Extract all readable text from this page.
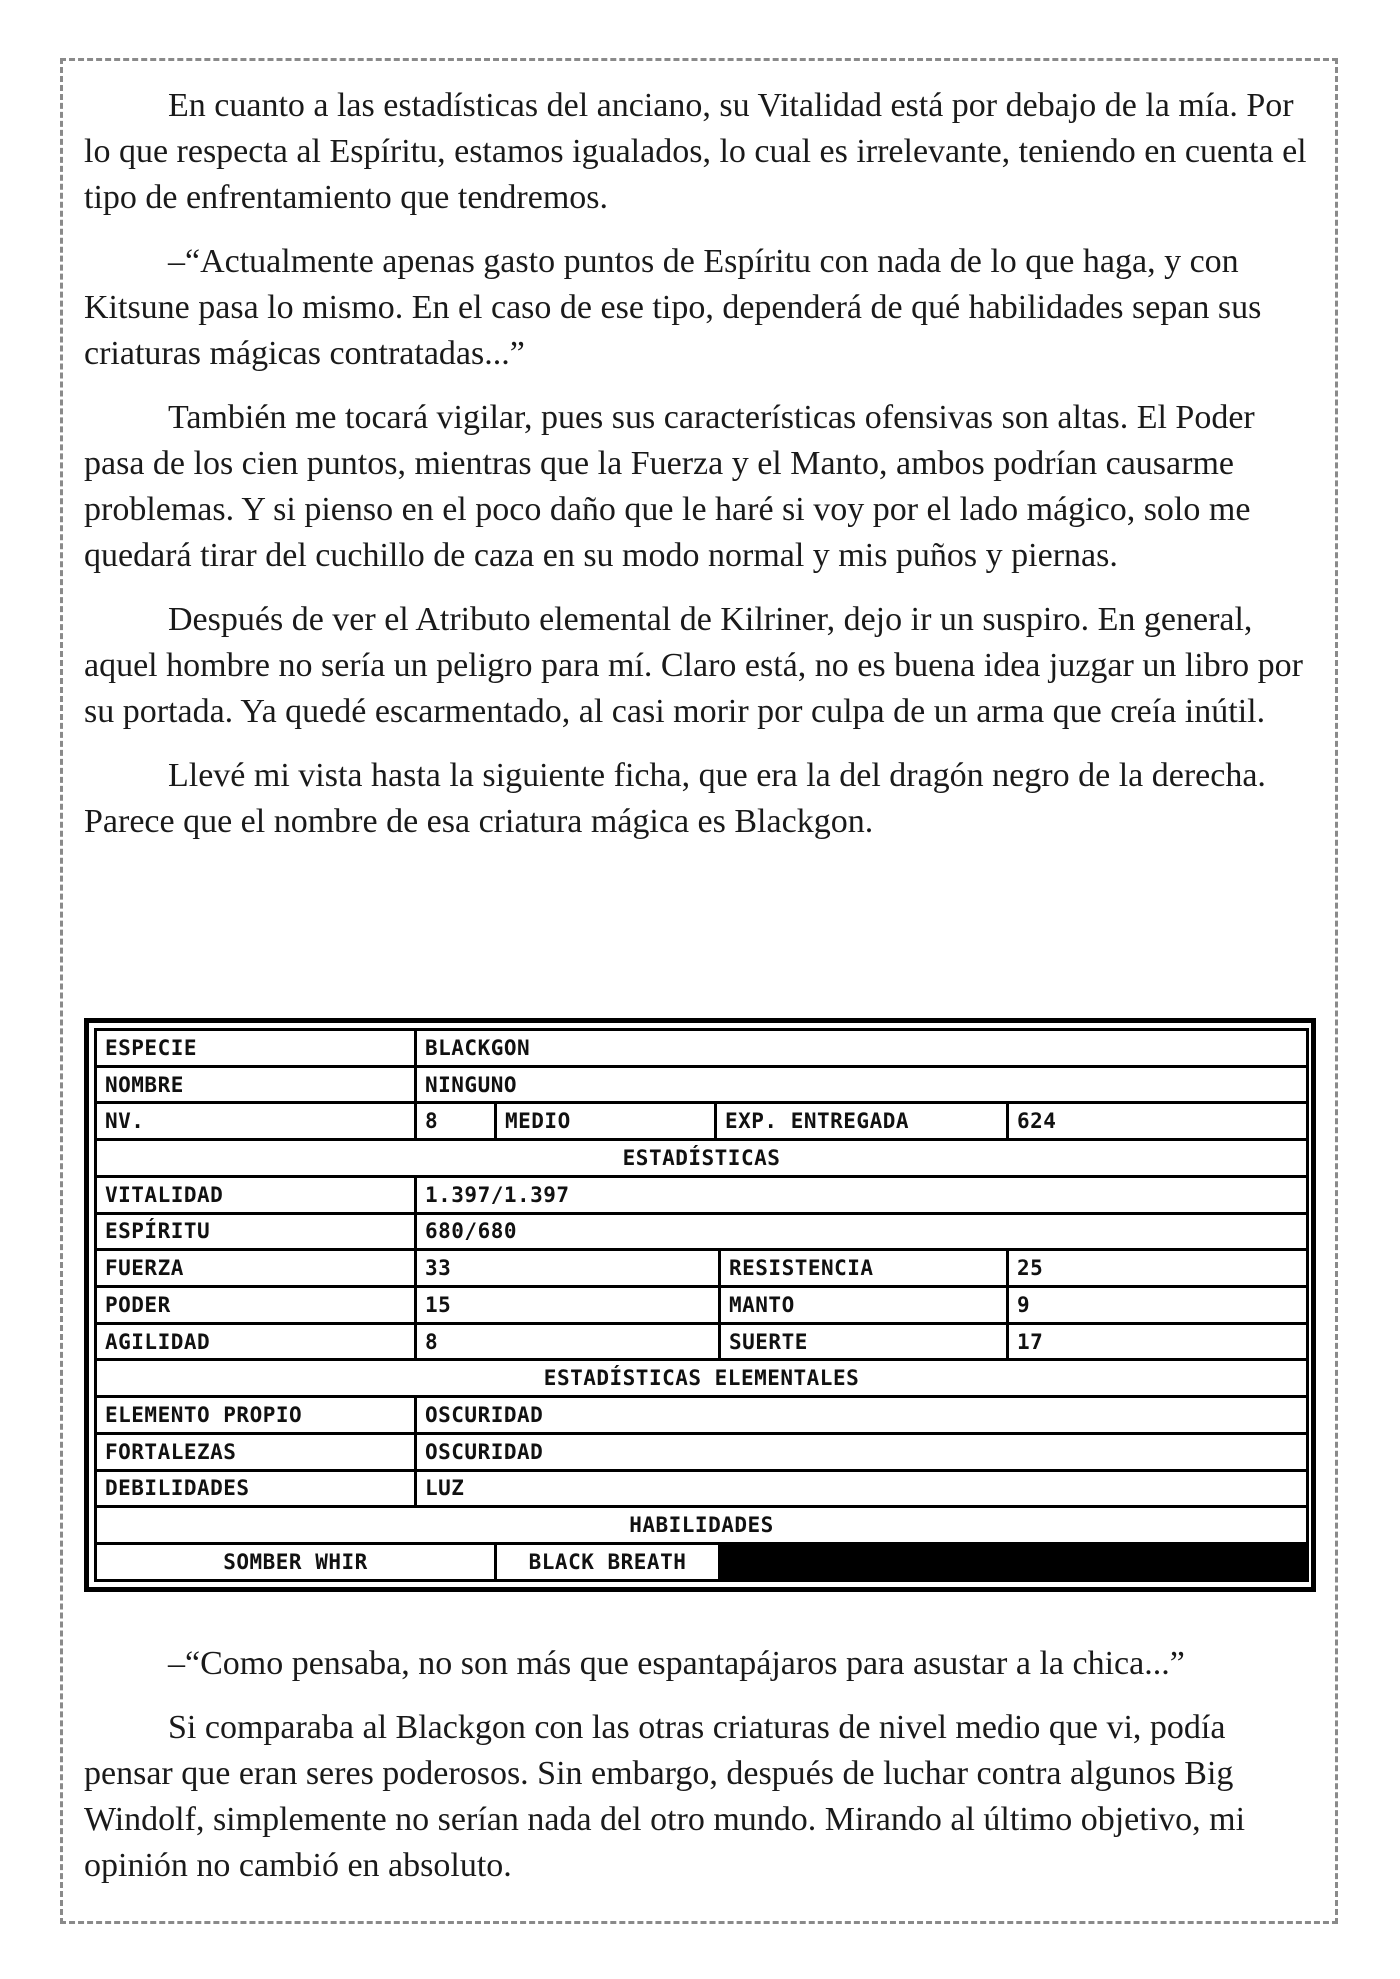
En cuanto a las estadísticas del anciano, su Vitalidad está por debajo de la mía. Por lo que respecta al Espíritu, estamos igualados, lo cual es irrelevante, teniendo en cuenta el tipo de enfrentamiento que tendremos.

–“Actualmente apenas gasto puntos de Espíritu con nada de lo que haga, y con Kitsune pasa lo mismo. En el caso de ese tipo, dependerá de qué habilidades sepan sus criaturas mágicas contratadas...”

También me tocará vigilar, pues sus características ofensivas son altas. El Poder pasa de los cien puntos, mientras que la Fuerza y el Manto, ambos podrían causarme problemas. Y si pienso en el poco daño que le haré si voy por el lado mágico, solo me quedará tirar del cuchillo de caza en su modo normal y mis puños y piernas.

Después de ver el Atributo elemental de Kilriner, dejo ir un suspiro. En general, aquel hombre no sería un peligro para mí. Claro está, no es buena idea juzgar un libro por su portada. Ya quedé escarmentado, al casi morir por culpa de un arma que creía inútil.

Llevé mi vista hasta la siguiente ficha, que era la del dragón negro de la derecha. Parece que el nombre de esa criatura mágica es Blackgon.

ESPECIE	BLACKGON				
NOMBRE	NINGUNO				
NV.	8	MEDIO	EXP. ENTREGADA		624
ESTADÍSTICAS					
VITALIDAD	1.397/1.397				
ESPÍRITU	680/680				
FUERZA	33			RESISTENCIA	25
PODER	15			MANTO	9
AGILIDAD	8			SUERTE	17
ESTADÍSTICAS ELEMENTALES					
ELEMENTO PROPIO	OSCURIDAD				
FORTALEZAS	OSCURIDAD				
DEBILIDADES	LUZ				
HABILIDADES					
SOMBER WHIR		BLACK BREATH			

–“Como pensaba, no son más que espantapájaros para asustar a la chica...”

Si comparaba al Blackgon con las otras criaturas de nivel medio que vi, podía pensar que eran seres poderosos. Sin embargo, después de luchar contra algunos Big Windolf, simplemente no serían nada del otro mundo. Mirando al último objetivo, mi opinión no cambió en absoluto.
